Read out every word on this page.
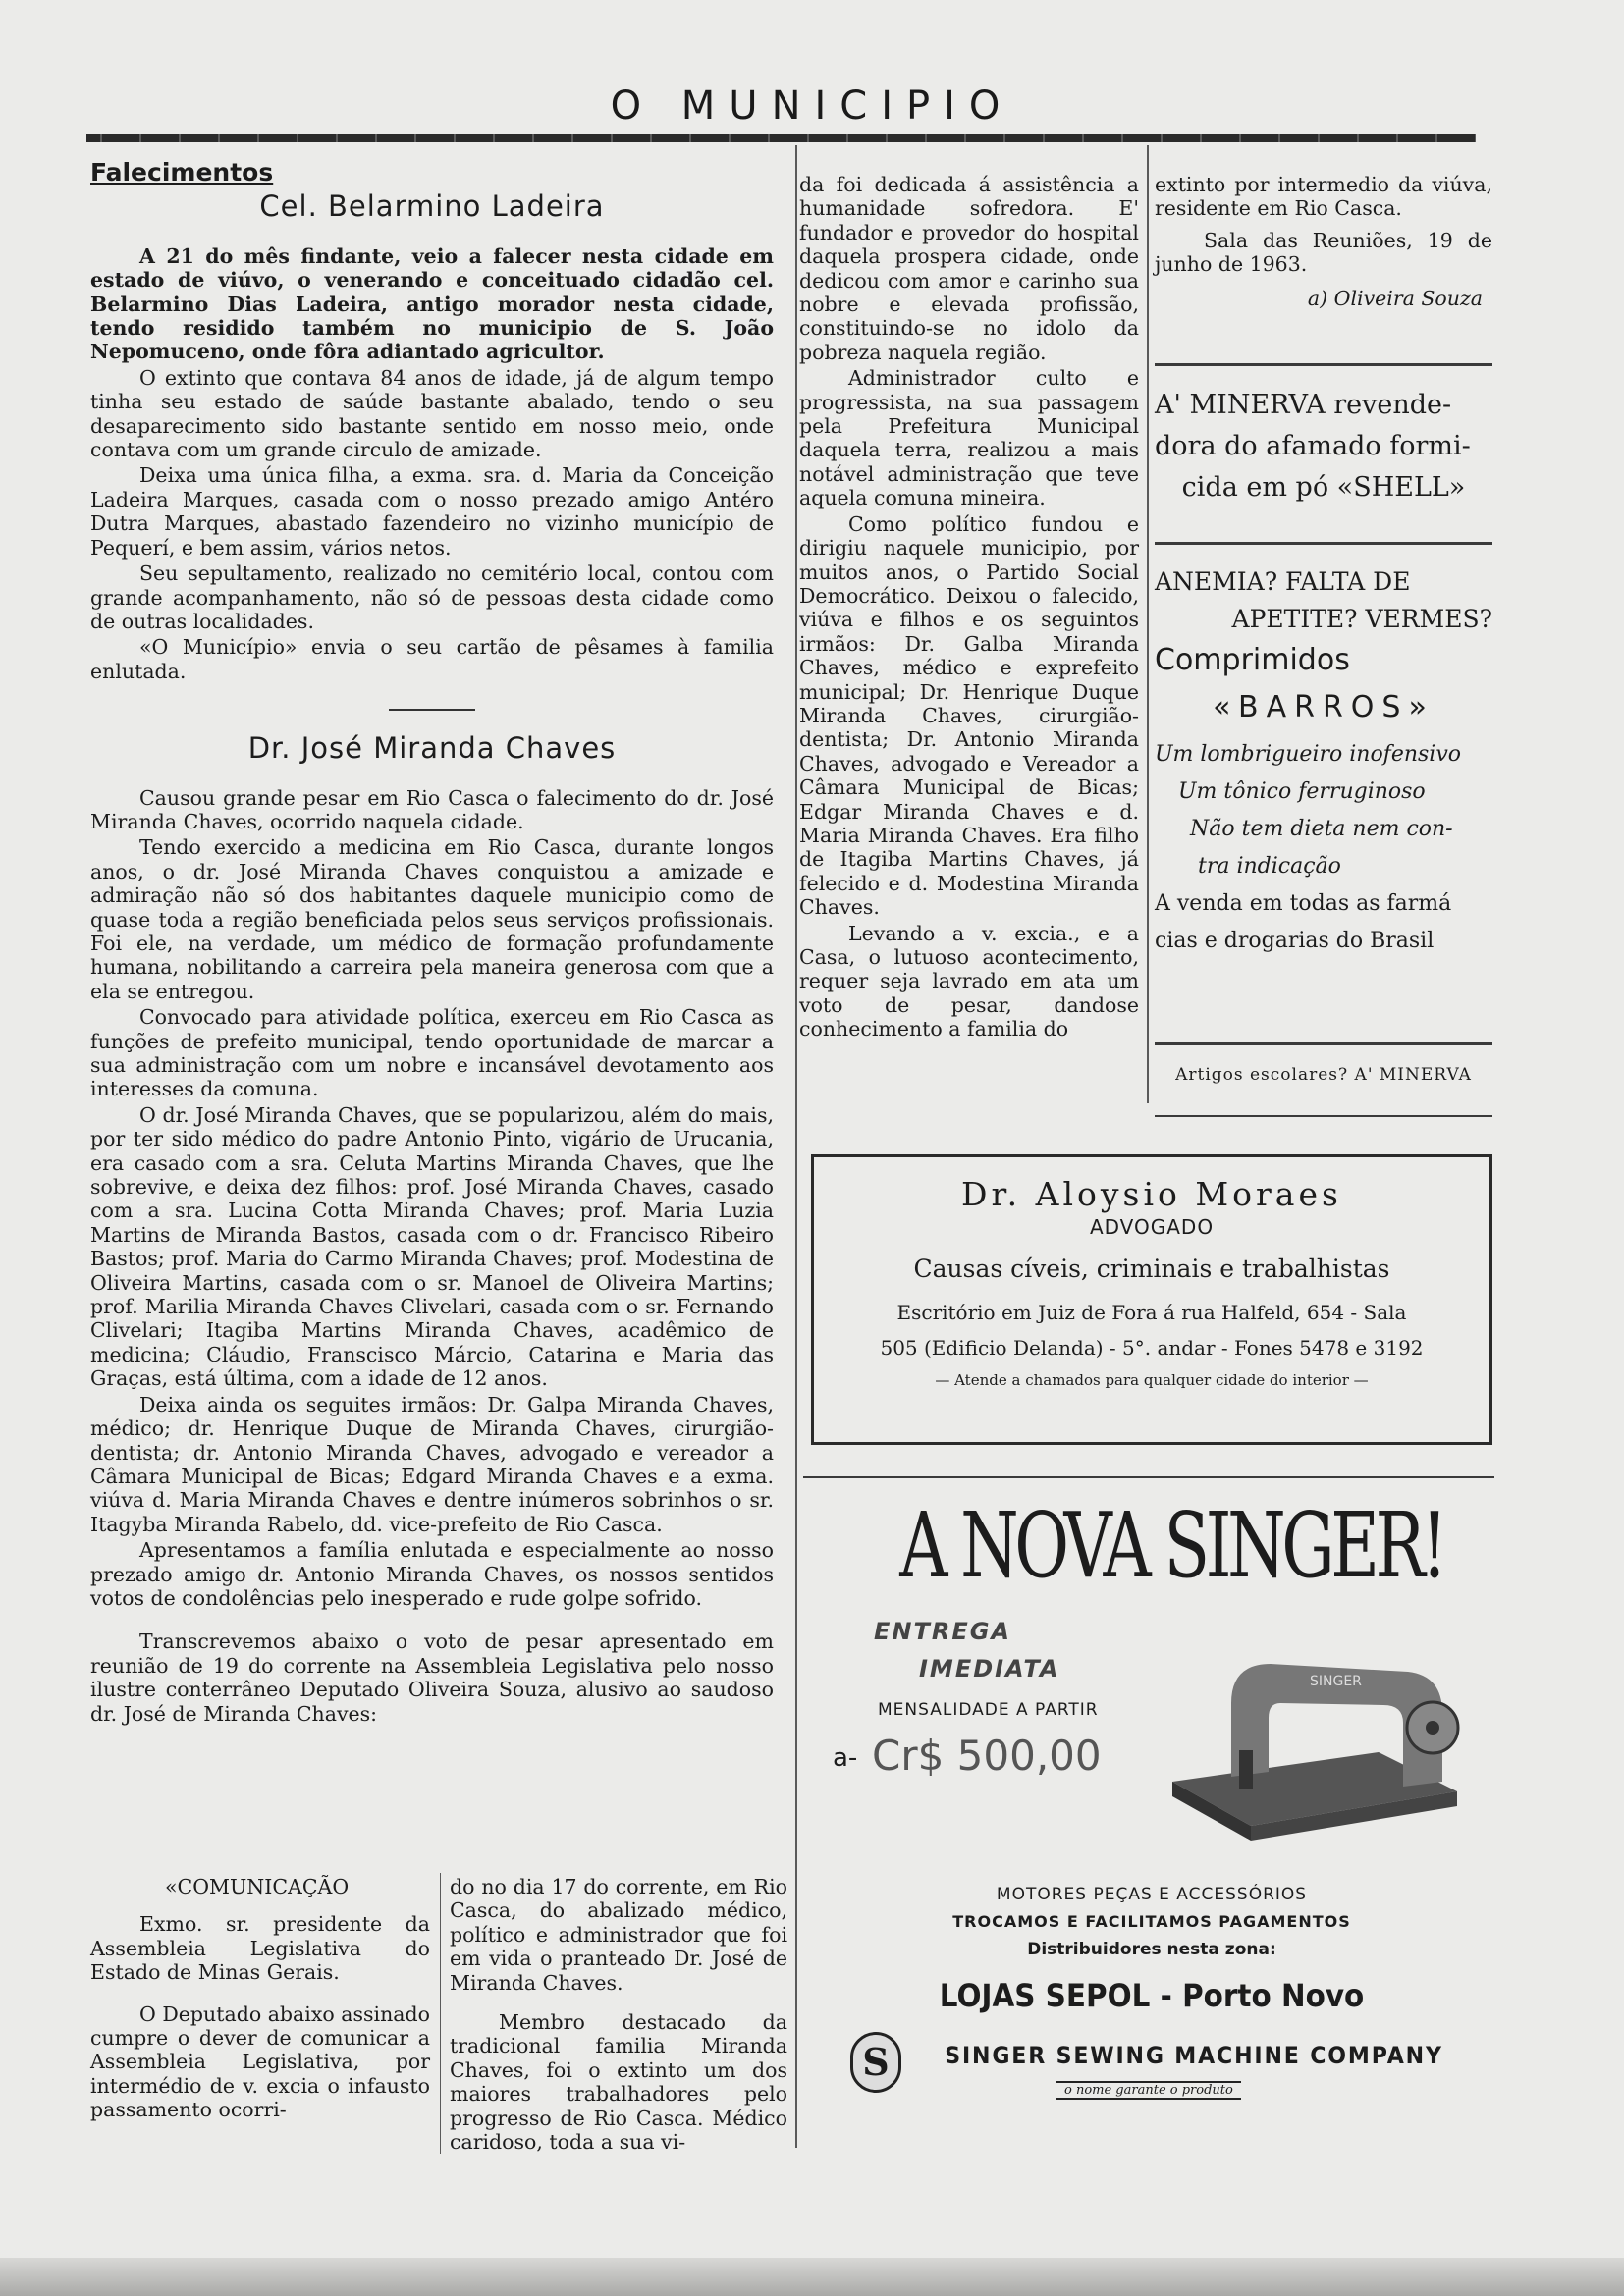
O MUNICIPIO
Falecimentos
Cel. Belarmino Ladeira

A 21 do mês findante, veio a falecer nesta cidade em estado de viúvo, o venerando e conceituado cidadão cel. Belarmino Dias Ladeira, antigo morador nesta cidade, tendo residido também no municipio de S. João Nepomuceno, onde fôra adiantado agricultor.

O extinto que contava 84 anos de idade, já de algum tempo tinha seu estado de saúde bastante abalado, tendo o seu desaparecimento sido bastante sentido em nosso meio, onde contava com um grande circulo de amizade.

Deixa uma única filha, a exma. sra. d. Maria da Conceição Ladeira Marques, casada com o nosso prezado amigo Antéro Dutra Marques, abastado fazendeiro no vizinho município de Pequerí, e bem assim, vários netos.

Seu sepultamento, realizado no cemitério local, contou com grande acompanhamento, não só de pessoas desta cidade como de outras localidades.

«O Município» envia o seu cartão de pêsames à familia enlutada.

Dr. José Miranda Chaves

Causou grande pesar em Rio Casca o falecimento do dr. José Miranda Chaves, ocorrido naquela cidade.

Tendo exercido a medicina em Rio Casca, durante longos anos, o dr. José Miranda Chaves conquistou a amizade e admiração não só dos habitantes daquele municipio como de quase toda a região beneficiada pelos seus serviços profissionais. Foi ele, na verdade, um médico de formação profundamente humana, nobilitando a carreira pela maneira generosa com que a ela se entregou.

Convocado para atividade política, exerceu em Rio Casca as funções de prefeito municipal, tendo oportunidade de marcar a sua administração com um nobre e incansável devotamento aos interesses da comuna.

O dr. José Miranda Chaves, que se popularizou, além do mais, por ter sido médico do padre Antonio Pinto, vigário de Urucania, era casado com a sra. Celuta Martins Miranda Chaves, que lhe sobrevive, e deixa dez filhos: prof. José Miranda Chaves, casado com a sra. Lucina Cotta Miranda Chaves; prof. Maria Luzia Martins de Miranda Bastos, casada com o dr. Francisco Ribeiro Bastos; prof. Maria do Carmo Miranda Chaves; prof. Modestina de Oliveira Martins, casada com o sr. Manoel de Oliveira Martins; prof. Marilia Miranda Chaves Clivelari, casada com o sr. Fernando Clivelari; Itagiba Martins Miranda Chaves, acadêmico de medicina; Cláudio, Franscisco Márcio, Catarina e Maria das Graças, está última, com a idade de 12 anos.

Deixa ainda os seguites irmãos: Dr. Galpa Miranda Chaves, médico; dr. Henrique Duque de Miranda Chaves, cirurgião-dentista; dr. Antonio Miranda Chaves, advogado e vereador a Câmara Municipal de Bicas; Edgard Miranda Chaves e a exma. viúva d. Maria Miranda Chaves e dentre inúmeros sobrinhos o sr. Itagyba Miranda Rabelo, dd. vice-prefeito de Rio Casca.

Apresentamos a família enlutada e especialmente ao nosso prezado amigo dr. Antonio Miranda Chaves, os nossos sentidos votos de condolências pelo inesperado e rude golpe sofrido.

Transcrevemos abaixo o voto de pesar apresentado em reunião de 19 do corrente na Assembleia Legislativa pelo nosso ilustre conterrâneo Deputado Oliveira Souza, alusivo ao saudoso dr. José de Miranda Chaves:

«COMUNICAÇÃO

Exmo. sr. presidente da Assembleia Legislativa do Estado de Minas Gerais.

O Deputado abaixo assinado cumpre o dever de comunicar a Assembleia Legislativa, por intermédio de v. excia o infausto passamento ocorri-

do no dia 17 do corrente, em Rio Casca, do abalizado médico, político e administrador que foi em vida o pranteado Dr. José de Miranda Chaves.

Membro destacado da tradicional familia Miranda Chaves, foi o extinto um dos maiores trabalhadores pelo progresso de Rio Casca. Médico caridoso, toda a sua vi-

da foi dedicada á assistência a humanidade sofredora. E' fundador e provedor do hospital daquela prospera cidade, onde dedicou com amor e carinho sua nobre e elevada profissão, constituindo-se no idolo da pobreza naquela região.

Administrador culto e progressista, na sua passagem pela Prefeitura Municipal daquela terra, realizou a mais notável administração que teve aquela comuna mineira.

Como político fundou e dirigiu naquele municipio, por muitos anos, o Partido Social Democrático. Deixou o falecido, viúva e filhos e os seguintos irmãos: Dr. Galba Miranda Chaves, médico e exprefeito municipal; Dr. Henrique Duque Miranda Chaves, cirurgião-dentista; Dr. Antonio Miranda Chaves, advogado e Vereador a Câmara Municipal de Bicas; Edgar Miranda Chaves e d. Maria Miranda Chaves. Era filho de Itagiba Martins Chaves, já felecido e d. Modestina Miranda Chaves.

Levando a v. excia., e a Casa, o lutuoso acontecimento, requer seja lavrado em ata um voto de pesar, dandose conhecimento a familia do

extinto por intermedio da viúva, residente em Rio Casca.

Sala das Reuniões, 19 de junho de 1963.

a) Oliveira Souza

A' MINERVA revende-
dora do afamado formi-
cida em pó «SHELL»
ANEMIA? FALTA DE
APETITE? VERMES?
Comprimidos
«BARROS»
Um lombrigueiro inofensivo
Um tônico ferruginoso
Não tem dieta nem con-
tra indicação
A venda em todas as farmá
cias e drogarias do Brasil
Artigos escolares? A' MINERVA
Dr. Aloysio Moraes
ADVOGADO
Causas cíveis, criminais e trabalhistas
Escritório em Juiz de Fora á rua Halfeld, 654 - Sala
505 (Edificio Delanda) - 5°. andar - Fones 5478 e 3192
— Atende a chamados para qualquer cidade do interior —
A NOVA SINGER!
ENTREGA
IMEDIATA
MENSALIDADE A PARTIR
a- Cr$ 500,00
SINGER
MOTORES PEÇAS E ACCESSÓRIOS
TROCAMOS E FACILITAMOS PAGAMENTOS
Distribuidores nesta zona:
LOJAS SEPOL - Porto Novo
S	SINGER SEWING MACHINE COMPANY
o nome garante o produto
